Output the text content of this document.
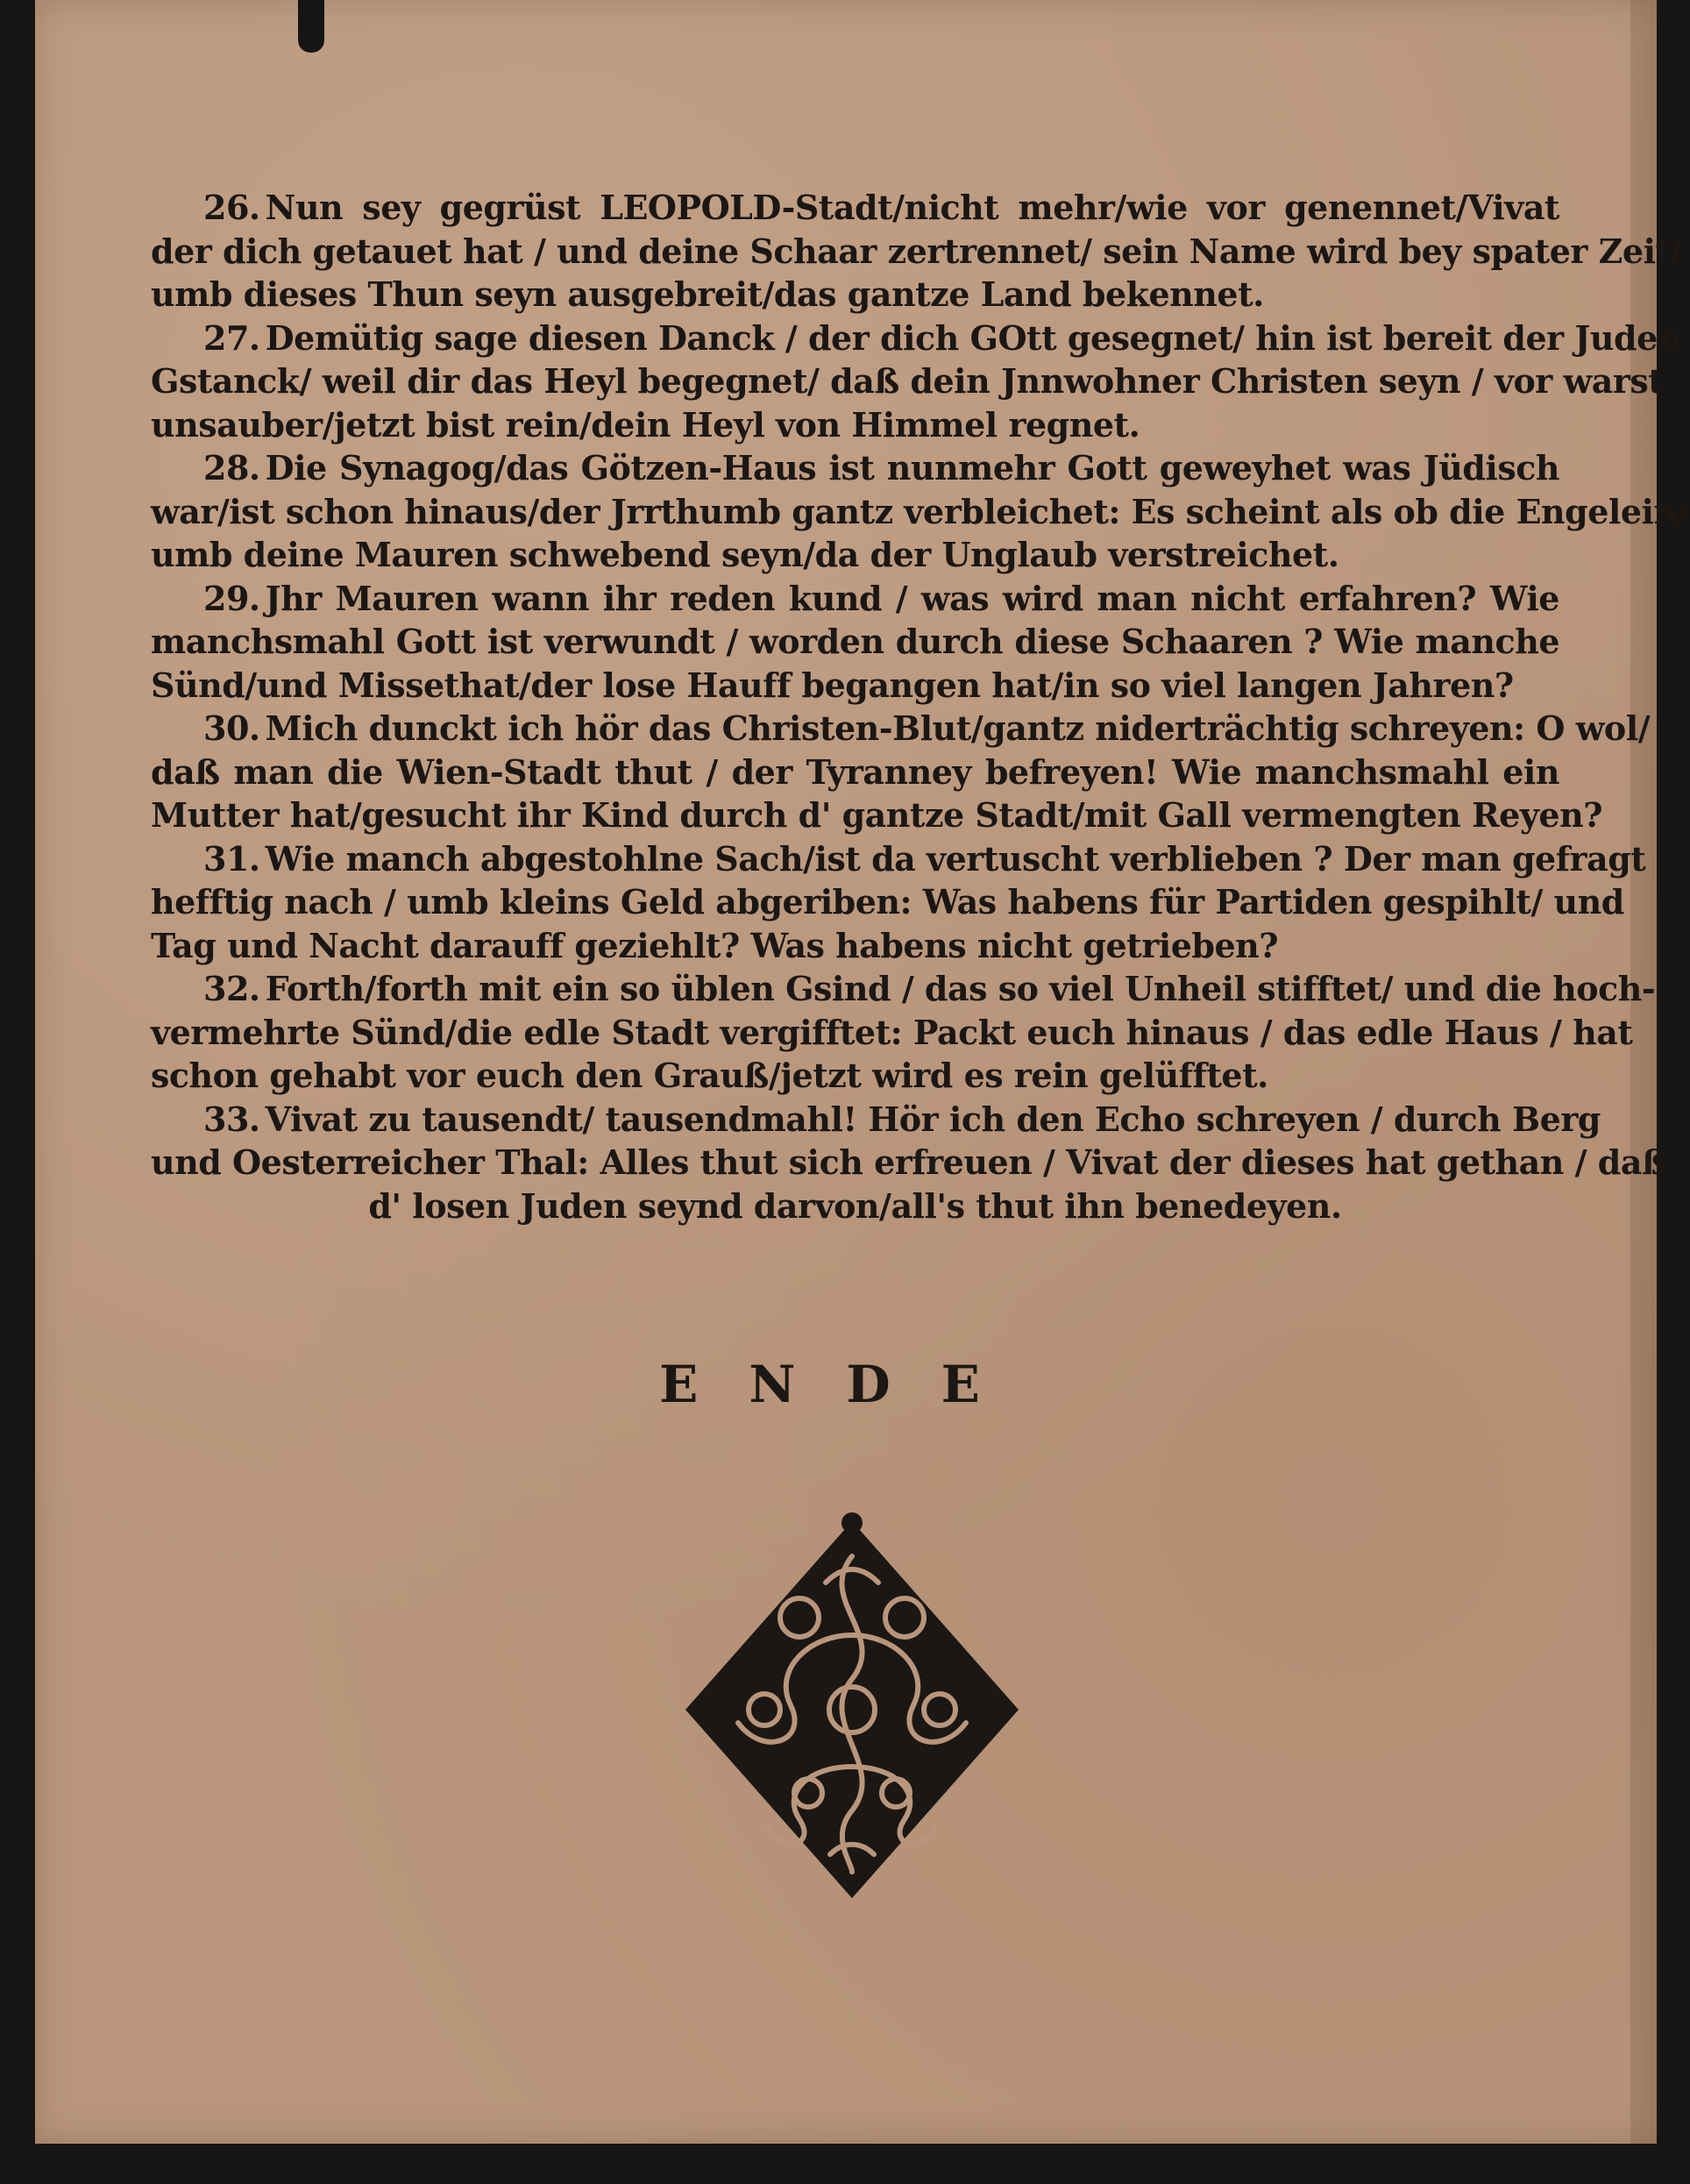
26. Nun sey gegrüst LEOPOLD-Stadt/nicht mehr/wie vor genennet/Vivat
der dich getauet hat / und deine Schaar zertrennet/ sein Name wird bey spater Zeit/
umb dieses Thun seyn ausgebreit/das gantze Land bekennet.
27. Demütig sage diesen Danck / der dich GOtt gesegnet/ hin ist bereit der Juden
Gstanck/ weil dir das Heyl begegnet/ daß dein Jnnwohner Christen seyn / vor warst
unsauber/jetzt bist rein/dein Heyl von Himmel regnet.
28. Die Synagog/das Götzen-Haus ist nunmehr Gott geweyhet was Jüdisch
war/ist schon hinaus/der Jrrthumb gantz verbleichet: Es scheint als ob die Engelein/
umb deine Mauren schwebend seyn/da der Unglaub verstreichet.
29. Jhr Mauren wann ihr reden kund / was wird man nicht erfahren? Wie
manchsmahl Gott ist verwundt / worden durch diese Schaaren ? Wie manche
Sünd/und Missethat/der lose Hauff begangen hat/in so viel langen Jahren?
30. Mich dunckt ich hör das Christen-Blut/gantz niderträchtig schreyen: O wol/
daß man die Wien-Stadt thut / der Tyranney befreyen! Wie manchsmahl ein
Mutter hat/gesucht ihr Kind durch d' gantze Stadt/mit Gall vermengten Reyen?
31. Wie manch abgestohlne Sach/ist da vertuscht verblieben ? Der man gefragt
hefftig nach / umb kleins Geld abgeriben: Was habens für Partiden gespihlt/ und
Tag und Nacht darauff geziehlt? Was habens nicht getrieben?
32. Forth/forth mit ein so üblen Gsind / das so viel Unheil stifftet/ und die hoch-
vermehrte Sünd/die edle Stadt vergifftet: Packt euch hinaus / das edle Haus / hat
schon gehabt vor euch den Grauß/jetzt wird es rein gelüfftet.
33. Vivat zu tausendt/ tausendmahl! Hör ich den Echo schreyen / durch Berg
und Oesterreicher Thal: Alles thut sich erfreuen / Vivat der dieses hat gethan / daß
d' losen Juden seynd darvon/all's thut ihn benedeyen.
ENDE
